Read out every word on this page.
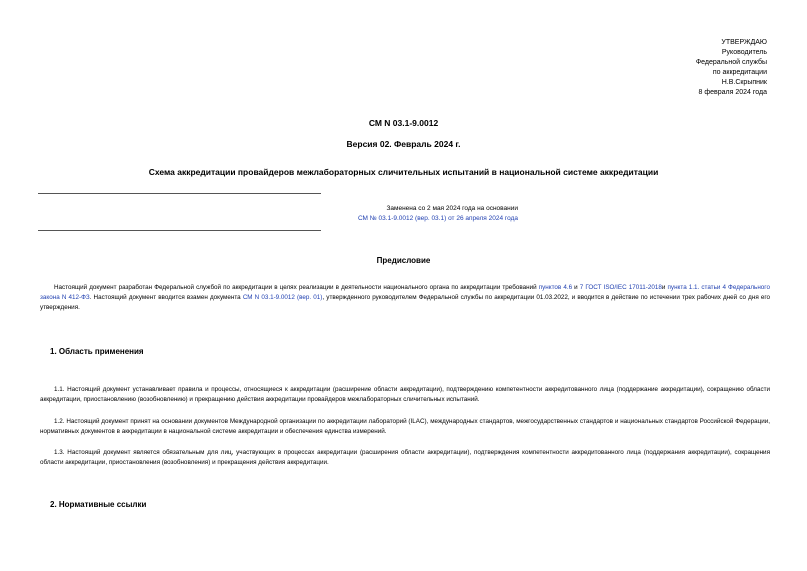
УТВЕРЖДАЮ
Руководитель
Федеральной службы
по аккредитации
Н.В.Скрыпник
8 февраля 2024 года
СМ N 03.1-9.0012
Версия 02. Февраль 2024 г.
Схема аккредитации провайдеров межлабораторных сличительных испытаний в национальной системе аккредитации
Заменена со 2 мая 2024 года на основании
СМ № 03.1-9.0012 (вер. 03.1) от 26 апреля 2024 года
Предисловие
Настоящий документ разработан Федеральной службой по аккредитации в целях реализации в деятельности национального органа по аккредитации требований пунктов 4.6 и 7 ГОСТ ISO/IEC 17011-2018и пункта 1.1. статьи 4 Федерального закона N 412-ФЗ. Настоящий документ вводится взамен документа СМ N 03.1-9.0012 (вер. 01), утвержденного руководителем Федеральной службы по аккредитации 01.03.2022, и вводится в действие по истечении трех рабочих дней со дня его утверждения.
1. Область применения
1.1. Настоящий документ устанавливает правила и процессы, относящиеся к аккредитации (расширение области аккредитации), подтверждению компетентности аккредитованного лица (поддержание аккредитации), сокращению области аккредитации, приостановлению (возобновлению) и прекращению действия аккредитации провайдеров межлабораторных сличительных испытаний.
1.2. Настоящий документ принят на основании документов Международной организации по аккредитации лабораторий (ILAC), международных стандартов, межгосударственных стандартов и национальных стандартов Российской Федерации, нормативных документов в аккредитации в национальной системе аккредитации и обеспечения единства измерений.
1.3. Настоящий документ является обязательным для лиц, участвующих в процессах аккредитации (расширения области аккредитации), подтверждения компетентности аккредитованного лица (поддержания аккредитации), сокращения области аккредитации, приостановления (возобновления) и прекращения действия аккредитации.
2. Нормативные ссылки
